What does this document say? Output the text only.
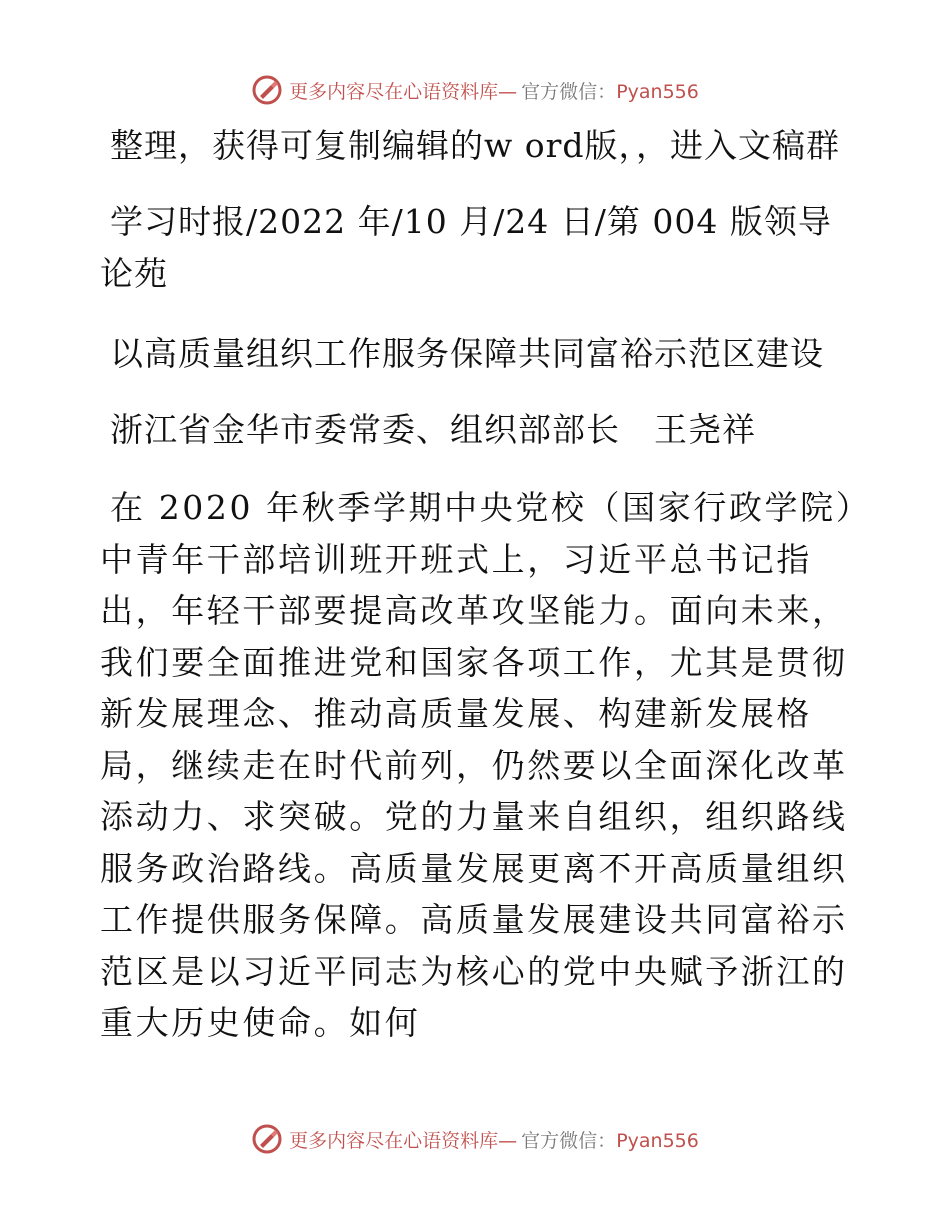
更多内容尽在心语资料库— 官方微信：Pyan556

整理，获得可复制编辑的w ord版，，进入文稿群

学习时报/2022 年/10 月/24 日/第 004 版领导论苑

以高质量组织工作服务保障共同富裕示范区建设

浙江省金华市委常委、组织部部长　王尧祥

在 2020 年秋季学期中央党校（国家行政学院）中青年干部培训班开班式上，习近平总书记指出，年轻干部要提高改革攻坚能力。面向未来，我们要全面推进党和国家各项工作，尤其是贯彻新发展理念、推动高质量发展、构建新发展格局，继续走在时代前列，仍然要以全面深化改革添动力、求突破。党的力量来自组织，组织路线服务政治路线。高质量发展更离不开高质量组织工作提供服务保障。高质量发展建设共同富裕示范区是以习近平同志为核心的党中央赋予浙江的重大历史使命。如何

更多内容尽在心语资料库— 官方微信：Pyan556
